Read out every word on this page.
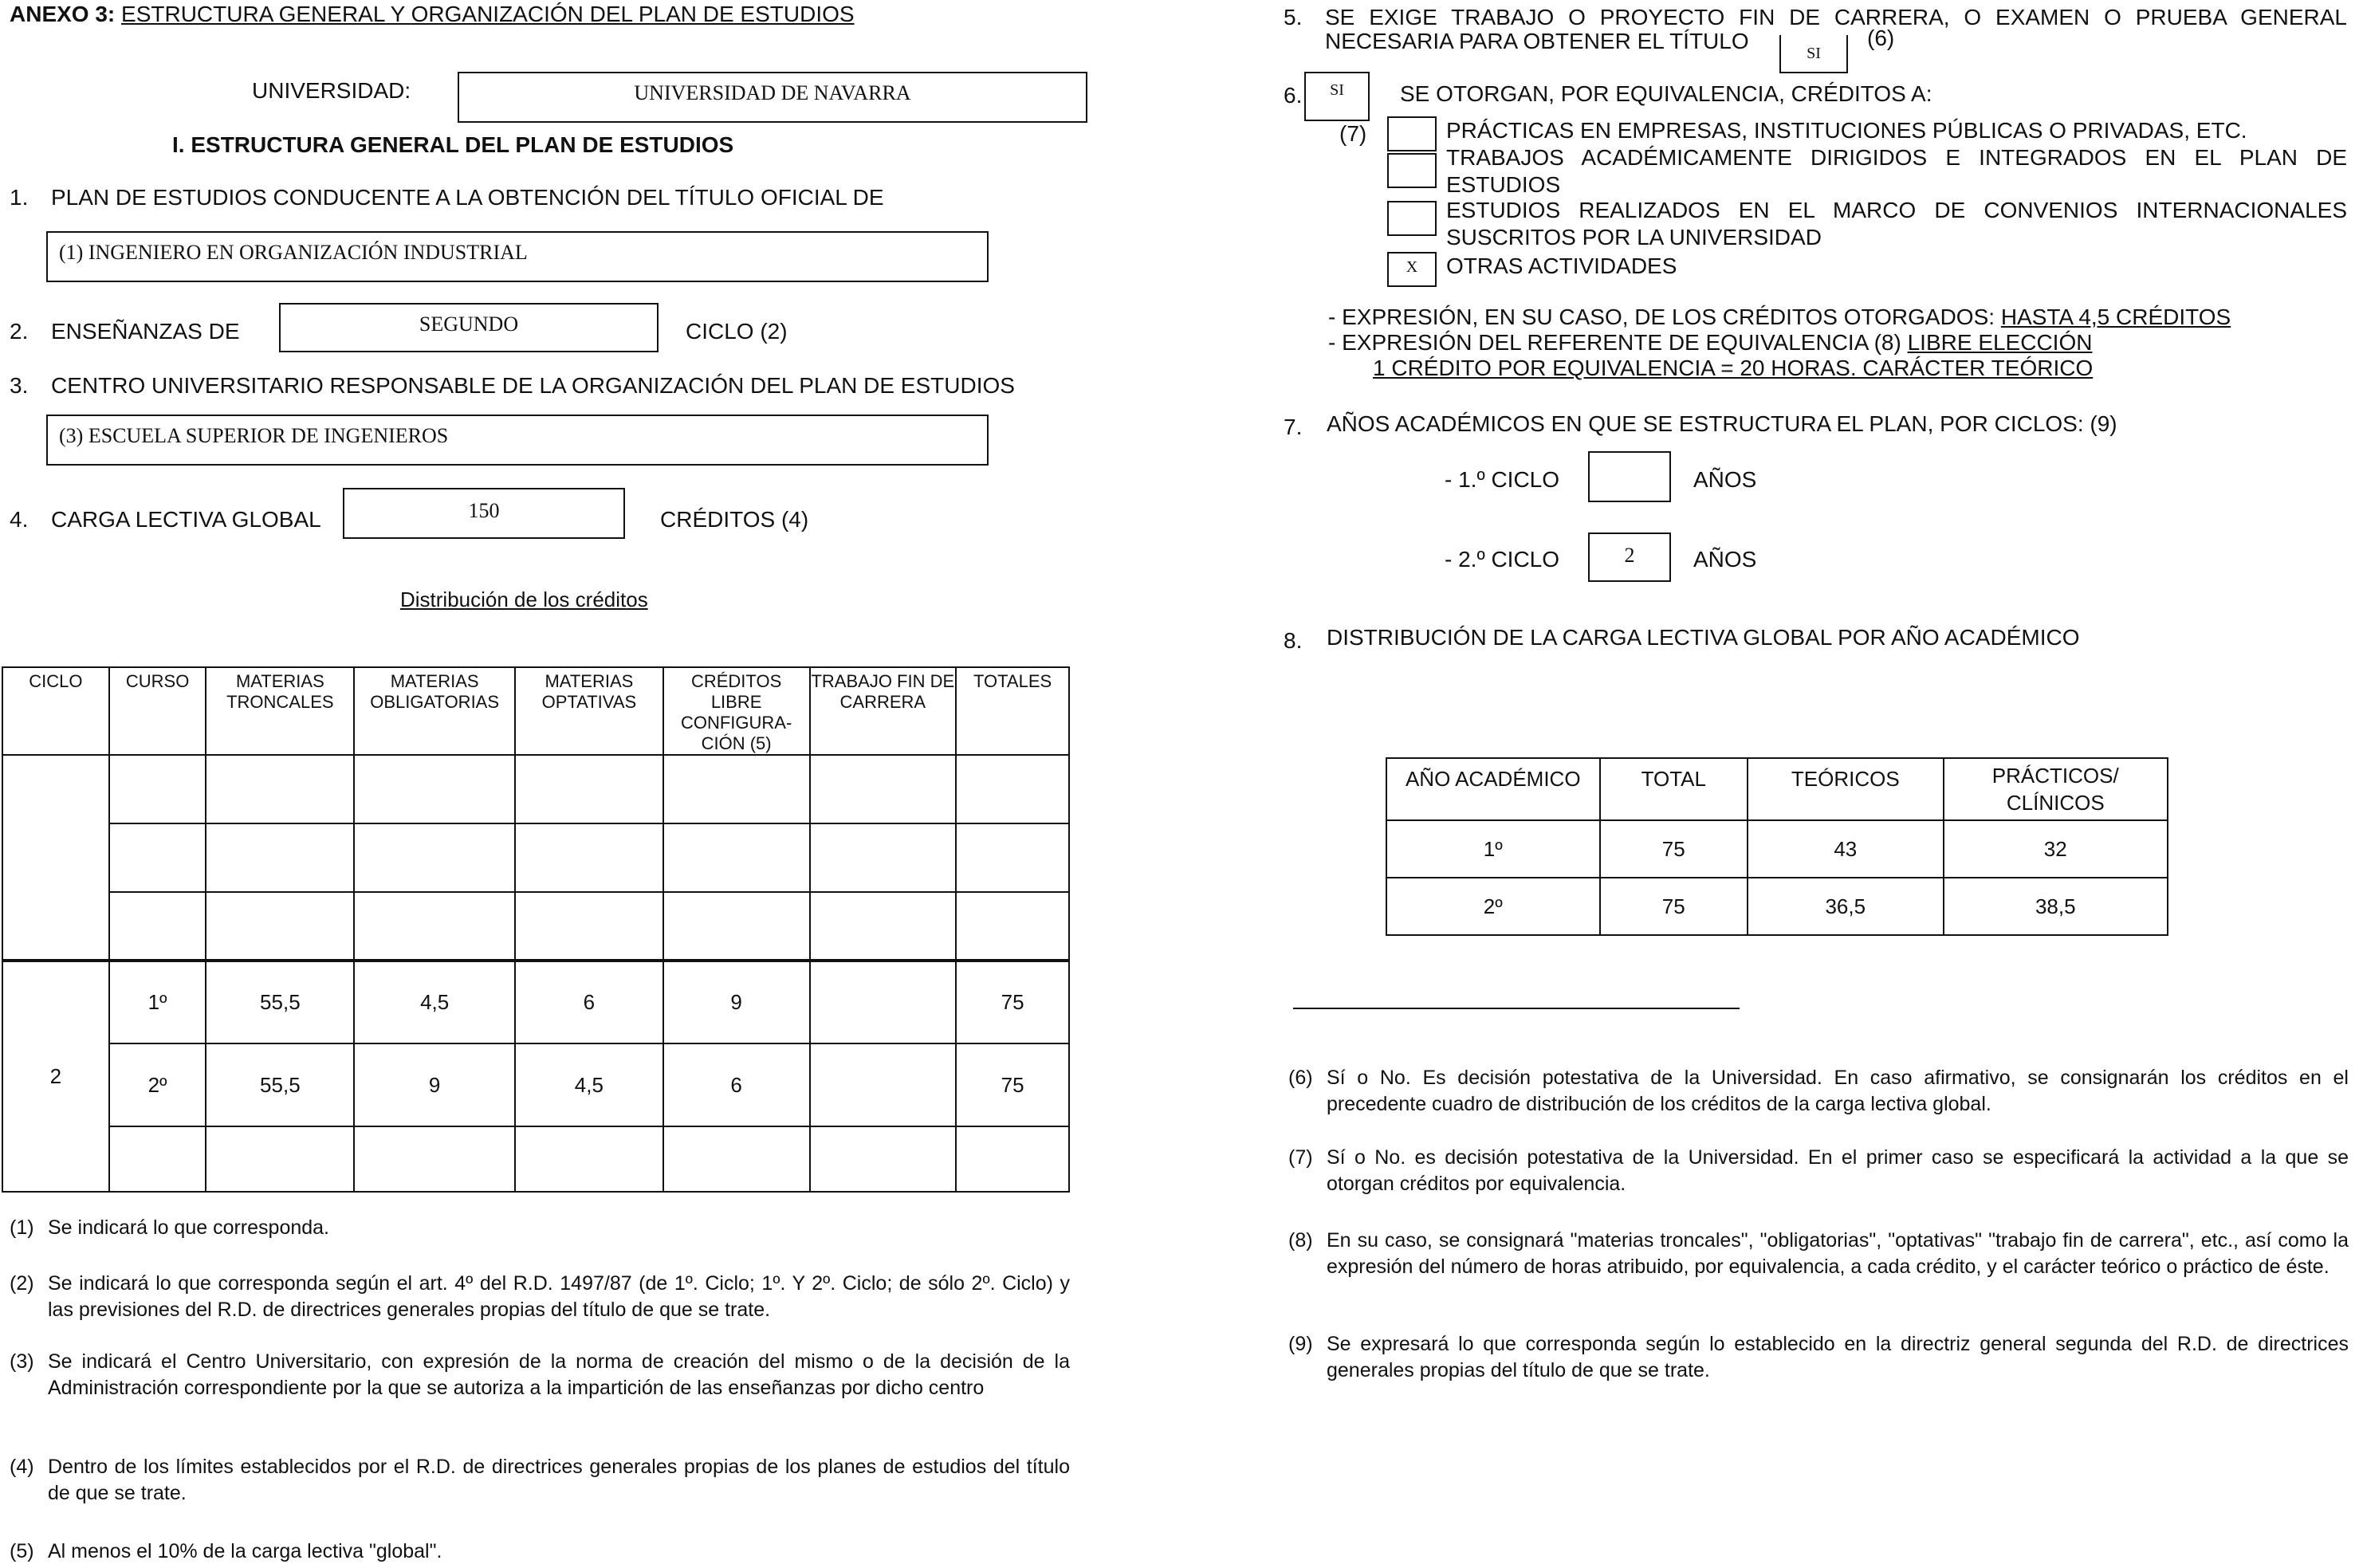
ANEXO 3: ESTRUCTURA GENERAL Y ORGANIZACIÓN DEL PLAN DE ESTUDIOS
UNIVERSIDAD:	UNIVERSIDAD DE NAVARRA
I. ESTRUCTURA GENERAL DEL PLAN DE ESTUDIOS
1. PLAN DE ESTUDIOS CONDUCENTE A LA OBTENCIÓN DEL TÍTULO OFICIAL DE
(1) INGENIERO EN ORGANIZACIÓN INDUSTRIAL
2. ENSEÑANZAS DE	SEGUNDO	CICLO (2)
3. CENTRO UNIVERSITARIO RESPONSABLE DE LA ORGANIZACIÓN DEL PLAN DE ESTUDIOS
(3) ESCUELA SUPERIOR DE INGENIEROS
4. CARGA LECTIVA GLOBAL	150	CRÉDITOS (4)
Distribución de los créditos
CICLO	CURSO	MATERIAS TRONCALES	MATERIAS OBLIGATORIAS	MATERIAS OPTATIVAS	CRÉDITOS LIBRE CONFIGURA- CIÓN (5)	TRABAJO FIN DE CARRERA	TOTALES

2	1º	55,5	4,5	6	9		75
	2º	55,5	9	4,5	6		75

(1) Se indicará lo que corresponda.
(2) Se indicará lo que corresponda según el art. 4º del R.D. 1497/87 (de 1º. Ciclo; 1º. Y 2º. Ciclo; de sólo 2º. Ciclo) y las previsiones del R.D. de directrices generales propias del título de que se trate.
(3) Se indicará el Centro Universitario, con expresión de la norma de creación del mismo o de la decisión de la Administración correspondiente por la que se autoriza a la impartición de las enseñanzas por dicho centro
(4) Dentro de los límites establecidos por el R.D. de directrices generales propias de los planes de estudios del título de que se trate.
(5) Al menos el 10% de la carga lectiva "global".
5. SE EXIGE TRABAJO O PROYECTO FIN DE CARRERA, O EXAMEN O PRUEBA GENERAL
NECESARIA PARA OBTENER EL TÍTULO	SI
(6)
6.	SI	SE OTORGAN, POR EQUIVALENCIA, CRÉDITOS A:
(7)	PRÁCTICAS EN EMPRESAS, INSTITUCIONES PÚBLICAS O PRIVADAS, ETC.
TRABAJOS ACADÉMICAMENTE DIRIGIDOS E INTEGRADOS EN EL PLAN DE
ESTUDIOS
ESTUDIOS REALIZADOS EN EL MARCO DE CONVENIOS INTERNACIONALES
SUSCRITOS POR LA UNIVERSIDAD
X	OTRAS ACTIVIDADES
- EXPRESIÓN, EN SU CASO, DE LOS CRÉDITOS OTORGADOS: HASTA 4,5 CRÉDITOS
- EXPRESIÓN DEL REFERENTE DE EQUIVALENCIA (8) LIBRE ELECCIÓN
1 CRÉDITO POR EQUIVALENCIA = 20 HORAS. CARÁCTER TEÓRICO
7. AÑOS ACADÉMICOS EN QUE SE ESTRUCTURA EL PLAN, POR CICLOS: (9)
- 1.º CICLO	AÑOS
- 2.º CICLO	2	AÑOS
8. DISTRIBUCIÓN DE LA CARGA LECTIVA GLOBAL POR AÑO ACADÉMICO
AÑO ACADÉMICO	TOTAL	TEÓRICOS	PRÁCTICOS/ CLÍNICOS
1º	75	43	32
2º	75	36,5	38,5
(6) Sí o No. Es decisión potestativa de la Universidad. En caso afirmativo, se consignarán los créditos en el precedente cuadro de distribución de los créditos de la carga lectiva global.
(7) Sí o No. es decisión potestativa de la Universidad. En el primer caso se especificará la actividad a la que se otorgan créditos por equivalencia.
(8) En su caso, se consignará "materias troncales", "obligatorias", "optativas" "trabajo fin de carrera", etc., así como la expresión del número de horas atribuido, por equivalencia, a cada crédito, y el carácter teórico o práctico de éste.
(9) Se expresará lo que corresponda según lo establecido en la directriz general segunda del R.D. de directrices generales propias del título de que se trate.
